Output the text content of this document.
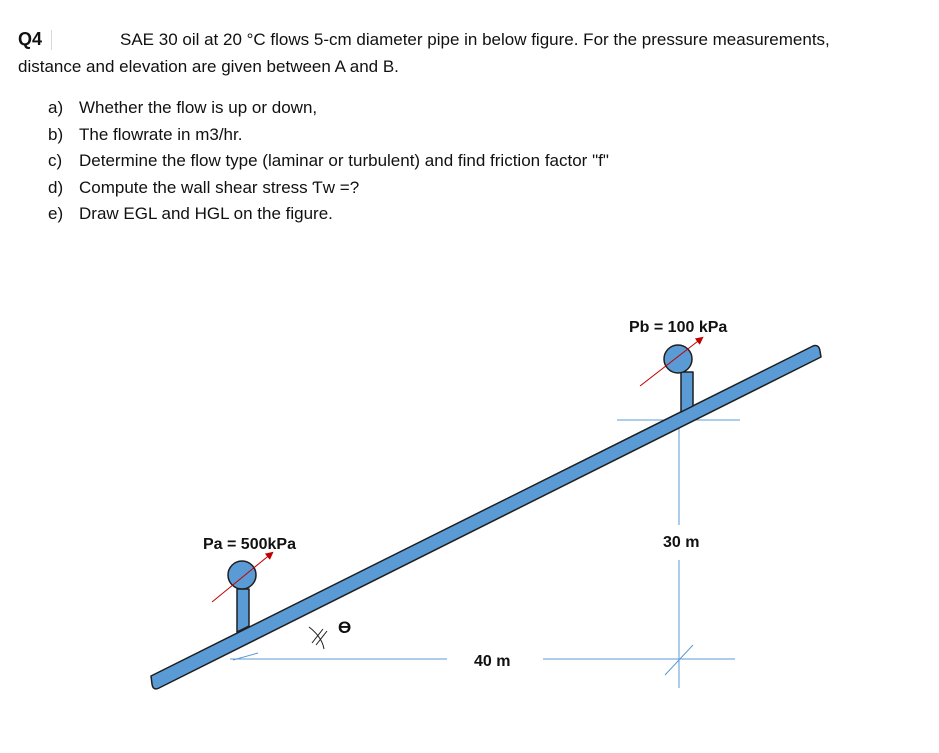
Q4	SAE 30 oil at 20 °C flows 5-cm diameter pipe in below figure. For the pressure measurements,
distance and elevation are given between A and B.
a) Whether the flow is up or down,
b) The flowrate in m3/hr.
c) Determine the flow type (laminar or turbulent) and find friction factor "f"
d) Compute the wall shear stress Ƭw =?
e) Draw EGL and HGL on the figure.
Pa = 500kPa
Pb = 100 kPa
40 m
30 m
ϴ
